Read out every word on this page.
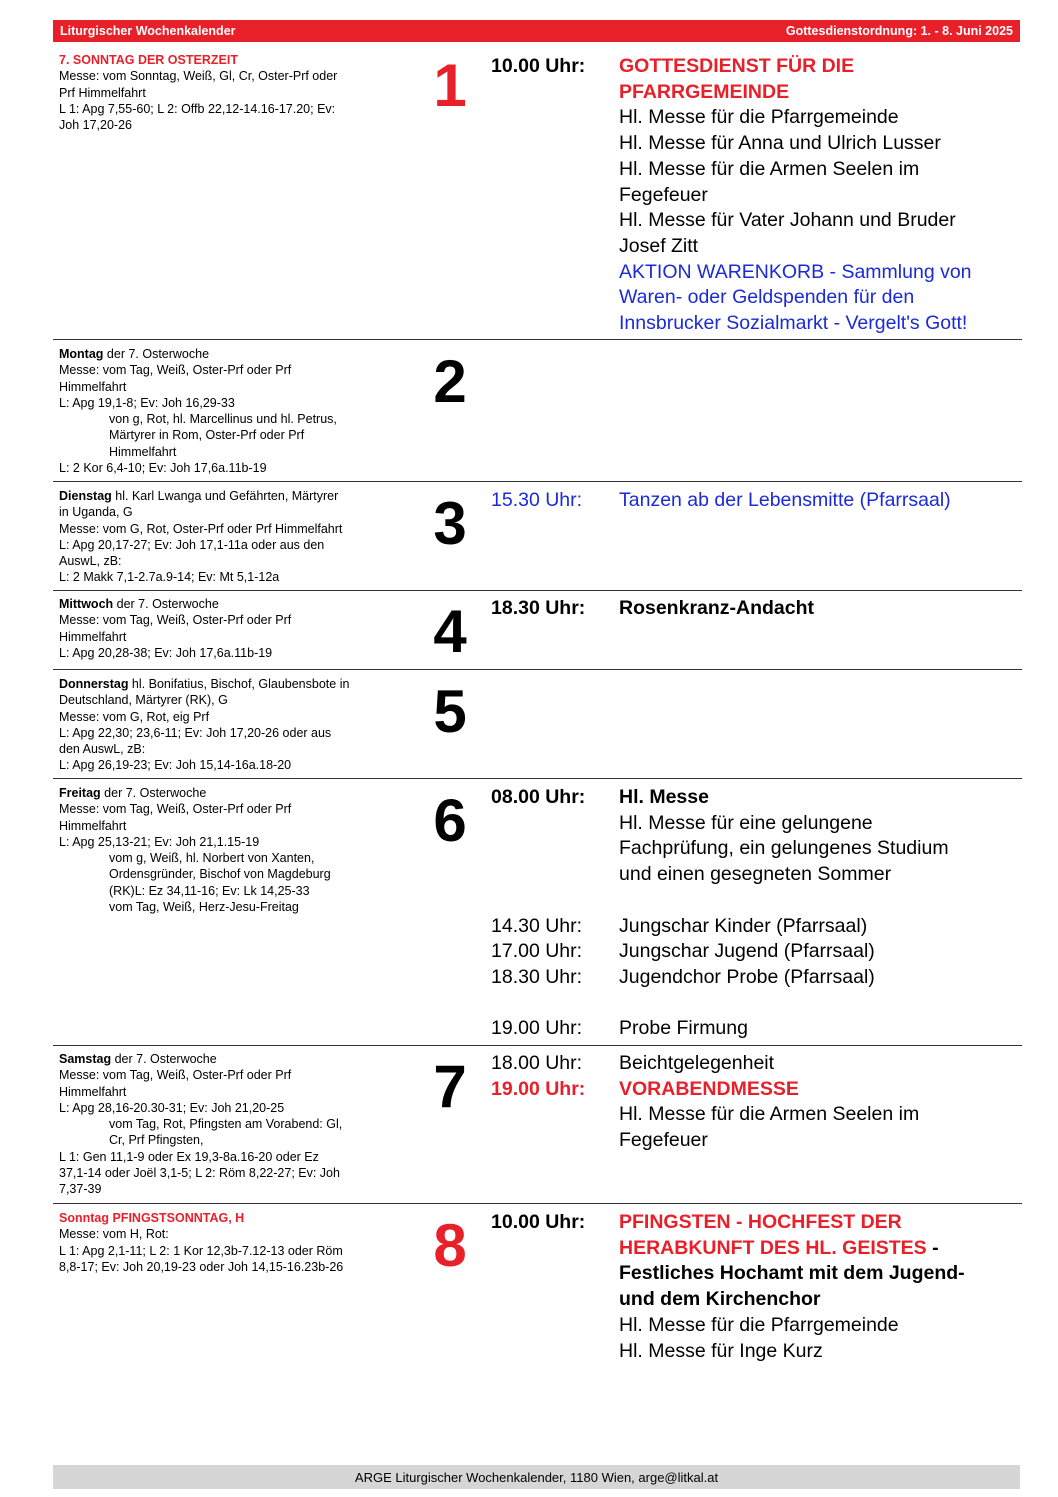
Liturgischer Wochenkalender	Gottesdienstordnung: 1. - 8. Juni 2025
7. SONNTAG DER OSTERZEIT
Messe: vom Sonntag, Weiß, Gl, Cr, Oster-Prf oder
Prf Himmelfahrt
L 1: Apg 7,55-60; L 2: Offb 22,12-14.16-17.20; Ev:
Joh 17,20-26
1	10.00 Uhr:	GOTTESDIENST FÜR DIE
PFARRGEMEINDE
Hl. Messe für die Pfarrgemeinde
Hl. Messe für Anna und Ulrich Lusser
Hl. Messe für die Armen Seelen im
Fegefeuer
Hl. Messe für Vater Johann und Bruder
Josef Zitt
AKTION WARENKORB - Sammlung von
Waren- oder Geldspenden für den
Innsbrucker Sozialmarkt - Vergelt's Gott!
Montag der 7. Osterwoche
Messe: vom Tag, Weiß, Oster-Prf oder Prf
Himmelfahrt
L: Apg 19,1-8; Ev: Joh 16,29-33
von g, Rot, hl. Marcellinus und hl. Petrus,
Märtyrer in Rom, Oster-Prf oder Prf
Himmelfahrt
L: 2 Kor 6,4-10; Ev: Joh 17,6a.11b-19
2
Dienstag hl. Karl Lwanga und Gefährten, Märtyrer
in Uganda, G
Messe: vom G, Rot, Oster-Prf oder Prf Himmelfahrt
L: Apg 20,17-27; Ev: Joh 17,1-11a oder aus den
AuswL, zB:
L: 2 Makk 7,1-2.7a.9-14; Ev: Mt 5,1-12a
3	15.30 Uhr:	Tanzen ab der Lebensmitte (Pfarrsaal)
Mittwoch der 7. Osterwoche
Messe: vom Tag, Weiß, Oster-Prf oder Prf
Himmelfahrt
L: Apg 20,28-38; Ev: Joh 17,6a.11b-19	4	18.30 Uhr:	Rosenkranz-Andacht
Donnerstag hl. Bonifatius, Bischof, Glaubensbote in
Deutschland, Märtyrer (RK), G
Messe: vom G, Rot, eig Prf
L: Apg 22,30; 23,6-11; Ev: Joh 17,20-26 oder aus
den AuswL, zB:
L: Apg 26,19-23; Ev: Joh 15,14-16a.18-20
5
Freitag der 7. Osterwoche
Messe: vom Tag, Weiß, Oster-Prf oder Prf
Himmelfahrt
L: Apg 25,13-21; Ev: Joh 21,1.15-19
vom g, Weiß, hl. Norbert von Xanten,
Ordensgründer, Bischof von Magdeburg
(RK)L: Ez 34,11-16; Ev: Lk 14,25-33
vom Tag, Weiß, Herz-Jesu-Freitag
6	08.00 Uhr:	Hl. Messe
Hl. Messe für eine gelungene
Fachprüfung, ein gelungenes Studium
und einen gesegneten Sommer
14.30 Uhr:	Jungschar Kinder (Pfarrsaal)
17.00 Uhr:	Jungschar Jugend (Pfarrsaal)
18.30 Uhr:	Jugendchor Probe (Pfarrsaal)
19.00 Uhr:	Probe Firmung
Samstag der 7. Osterwoche
Messe: vom Tag, Weiß, Oster-Prf oder Prf
Himmelfahrt
L: Apg 28,16-20.30-31; Ev: Joh 21,20-25
vom Tag, Rot, Pfingsten am Vorabend: Gl,
Cr, Prf Pfingsten,
L 1: Gen 11,1-9 oder Ex 19,3-8a.16-20 oder Ez
37,1-14 oder Joël 3,1-5; L 2: Röm 8,22-27; Ev: Joh
7,37-39
7	18.00 Uhr:	Beichtgelegenheit
19.00 Uhr:	VORABENDMESSE
Hl. Messe für die Armen Seelen im
Fegefeuer
Sonntag PFINGSTSONNTAG, H
Messe: vom H, Rot:
L 1: Apg 2,1-11; L 2: 1 Kor 12,3b-7.12-13 oder Röm
8,8-17; Ev: Joh 20,19-23 oder Joh 14,15-16.23b-26	8	10.00 Uhr:	PFINGSTEN - HOCHFEST DER
HERABKUNFT DES HL. GEISTES -
Festliches Hochamt mit dem Jugend-
und dem Kirchenchor
Hl. Messe für die Pfarrgemeinde
Hl. Messe für Inge Kurz
ARGE Liturgischer Wochenkalender, 1180 Wien, arge@litkal.at
